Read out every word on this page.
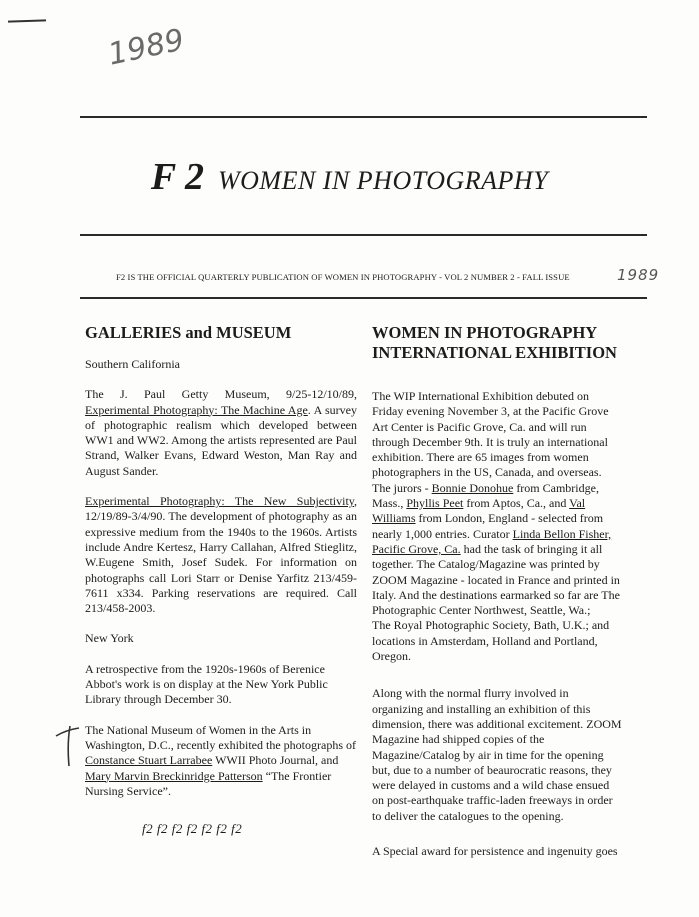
1989
F 2 WOMEN IN PHOTOGRAPHY
F2 IS THE OFFICIAL QUARTERLY PUBLICATION OF WOMEN IN PHOTOGRAPHY - VOL 2 NUMBER 2 - FALL ISSUE	1989

GALLERIES and MUSEUM

Southern California

The J. Paul Getty Museum, 9/25-12/10/89, Experimental Photography: The Machine Age. A survey of photographic realism which developed between WW1 and WW2. Among the artists represented are Paul Strand, Walker Evans, Edward Weston, Man Ray and August Sander.

Experimental Photography: The New Subjectivity, 12/19/89-3/4/90. The development of photography as an expressive medium from the 1940s to the 1960s. Artists include Andre Kertesz, Harry Callahan, Alfred Stieglitz, W.Eugene Smith, Josef Sudek. For information on photographs call Lori Starr or Denise Yarfitz 213/459-7611 x334. Parking reservations are required. Call 213/458-2003.

New York

A retrospective from the 1920s-1960s of Berenice Abbot's work is on display at the New York Public Library through December 30.

The National Museum of Women in the Arts in Washington, D.C., recently exhibited the photographs of Constance Stuart Larrabee WWII Photo Journal, and Mary Marvin Breckinridge Patterson “The Frontier Nursing Service”.

f2 f2 f2 f2 f2 f2 f2

WOMEN IN PHOTOGRAPHY

INTERNATIONAL EXHIBITION

The WIP International Exhibition debuted on Friday evening November 3, at the Pacific Grove Art Center is Pacific Grove, Ca. and will run through December 9th. It is truly an international exhibition. There are 65 images from women photographers in the US, Canada, and overseas. The jurors - Bonnie Donohue from Cambridge, Mass., Phyllis Peet from Aptos, Ca., and Val Williams from London, England - selected from nearly 1,000 entries. Curator Linda Bellon Fisher, Pacific Grove, Ca. had the task of bringing it all together. The Catalog/Magazine was printed by ZOOM Magazine - located in France and printed in Italy. And the destinations earmarked so far are The Photographic Center Northwest, Seattle, Wa.;

The Royal Photographic Society, Bath, U.K.; and locations in Amsterdam, Holland and Portland, Oregon.

Along with the normal flurry involved in organizing and installing an exhibition of this dimension, there was additional excitement. ZOOM Magazine had shipped copies of the Magazine/Catalog by air in time for the opening but, due to a number of beaurocratic reasons, they were delayed in customs and a wild chase ensued on post-earthquake traffic-laden freeways in order to deliver the catalogues to the opening.

A Special award for persistence and ingenuity goes
